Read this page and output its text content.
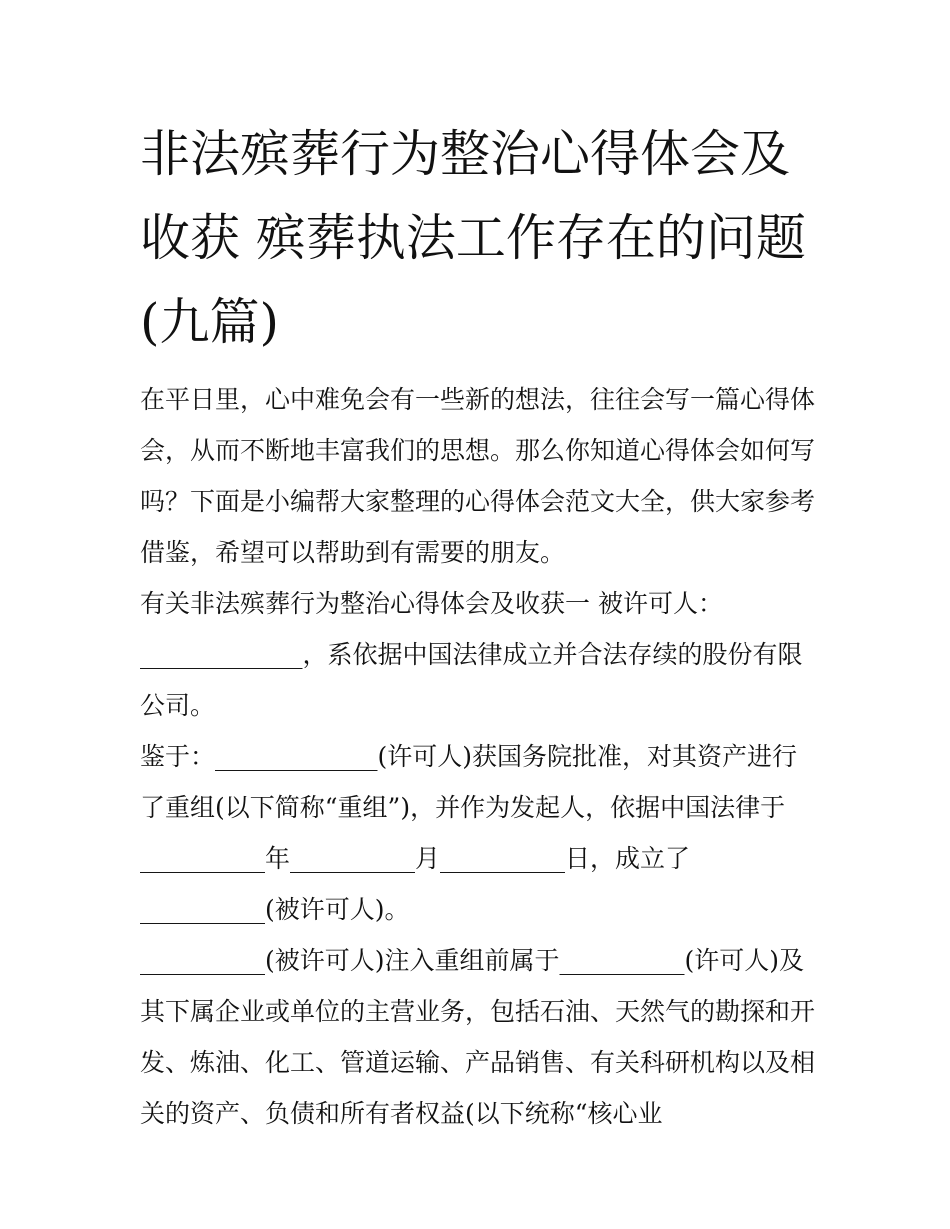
非法殡葬行为整治心得体会及
收获 殡葬执法工作存在的问题
(九篇)
在平日里，心中难免会有一些新的想法，往往会写一篇心得体
会，从而不断地丰富我们的思想。那么你知道心得体会如何写
吗？下面是小编帮大家整理的心得体会范文大全，供大家参考
借鉴，希望可以帮助到有需要的朋友。
有关非法殡葬行为整治心得体会及收获一 被许可人：
_____________，系依据中国法律成立并合法存续的股份有限
公司。
鉴于：_____________(许可人)获国务院批准，对其资产进行
了重组(以下简称“重组”)，并作为发起人，依据中国法律于
__________年__________月__________日，成立了
__________(被许可人)。
__________(被许可人)注入重组前属于__________(许可人)及
其下属企业或单位的主营业务，包括石油、天然气的勘探和开
发、炼油、化工、管道运输、产品销售、有关科研机构以及相
关的资产、负债和所有者权益(以下统称“核心业
